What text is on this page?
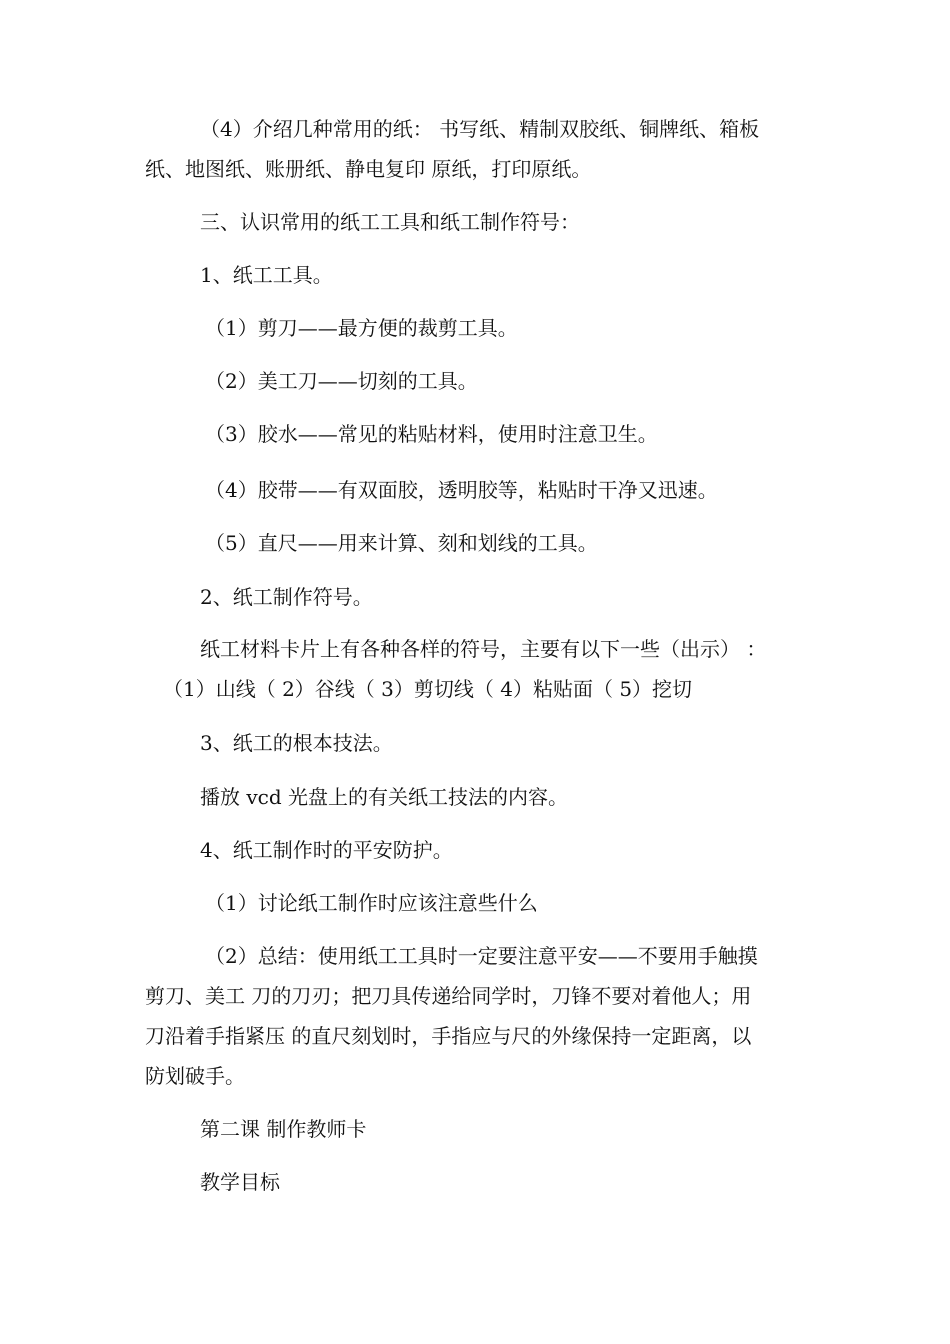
（4）介绍几种常用的纸： 书写纸、精制双胶纸、铜牌纸、箱板
纸、地图纸、账册纸、静电复印 原纸，打印原纸。
三、认识常用的纸工工具和纸工制作符号：
1、纸工工具。
（1）剪刀——最方便的裁剪工具。
（2）美工刀——切刻的工具。
（3）胶水——常见的粘贴材料，使用时注意卫生。
（4）胶带——有双面胶，透明胶等，粘贴时干净又迅速。
（5）直尺——用来计算、刻和划线的工具。
2、纸工制作符号。
纸工材料卡片上有各种各样的符号，主要有以下一些（出示） ：
（1）山线（ 2）谷线（ 3）剪切线（ 4）粘贴面（ 5）挖切
3、纸工的根本技法。
播放 vcd 光盘上的有关纸工技法的内容。
4、纸工制作时的平安防护。
（1）讨论纸工制作时应该注意些什么
（2）总结：使用纸工工具时一定要注意平安——不要用手触摸
剪刀、美工 刀的刀刃；把刀具传递给同学时，刀锋不要对着他人；用
刀沿着手指紧压 的直尺刻划时，手指应与尺的外缘保持一定距离，以
防划破手。
第二课 制作教师卡
教学目标
